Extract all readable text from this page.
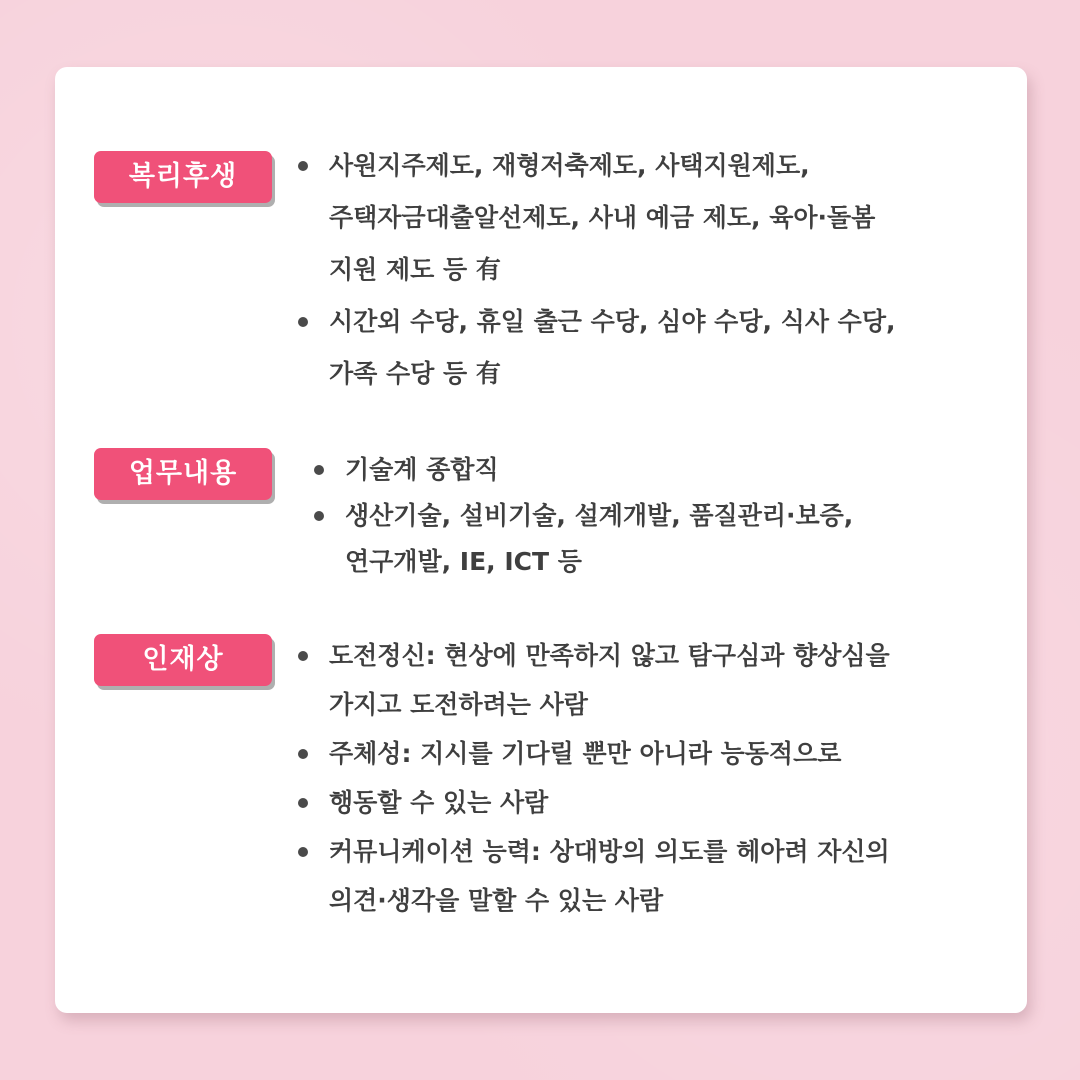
복리후생	사원지주제도, 재형저축제도, 사택지원제도,
주택자금대출알선제도, 사내 예금 제도, 육아·돌봄
지원 제도 등 有
시간외 수당, 휴일 출근 수당, 심야 수당, 식사 수당,
가족 수당 등 有
업무내용	기술계 종합직
생산기술, 설비기술, 설계개발, 품질관리·보증,
연구개발, IE, ICT 등
인재상	도전정신: 현상에 만족하지 않고 탐구심과 향상심을
가지고 도전하려는 사람
주체성: 지시를 기다릴 뿐만 아니라 능동적으로
행동할 수 있는 사람
커뮤니케이션 능력: 상대방의 의도를 헤아려 자신의
의견·생각을 말할 수 있는 사람
